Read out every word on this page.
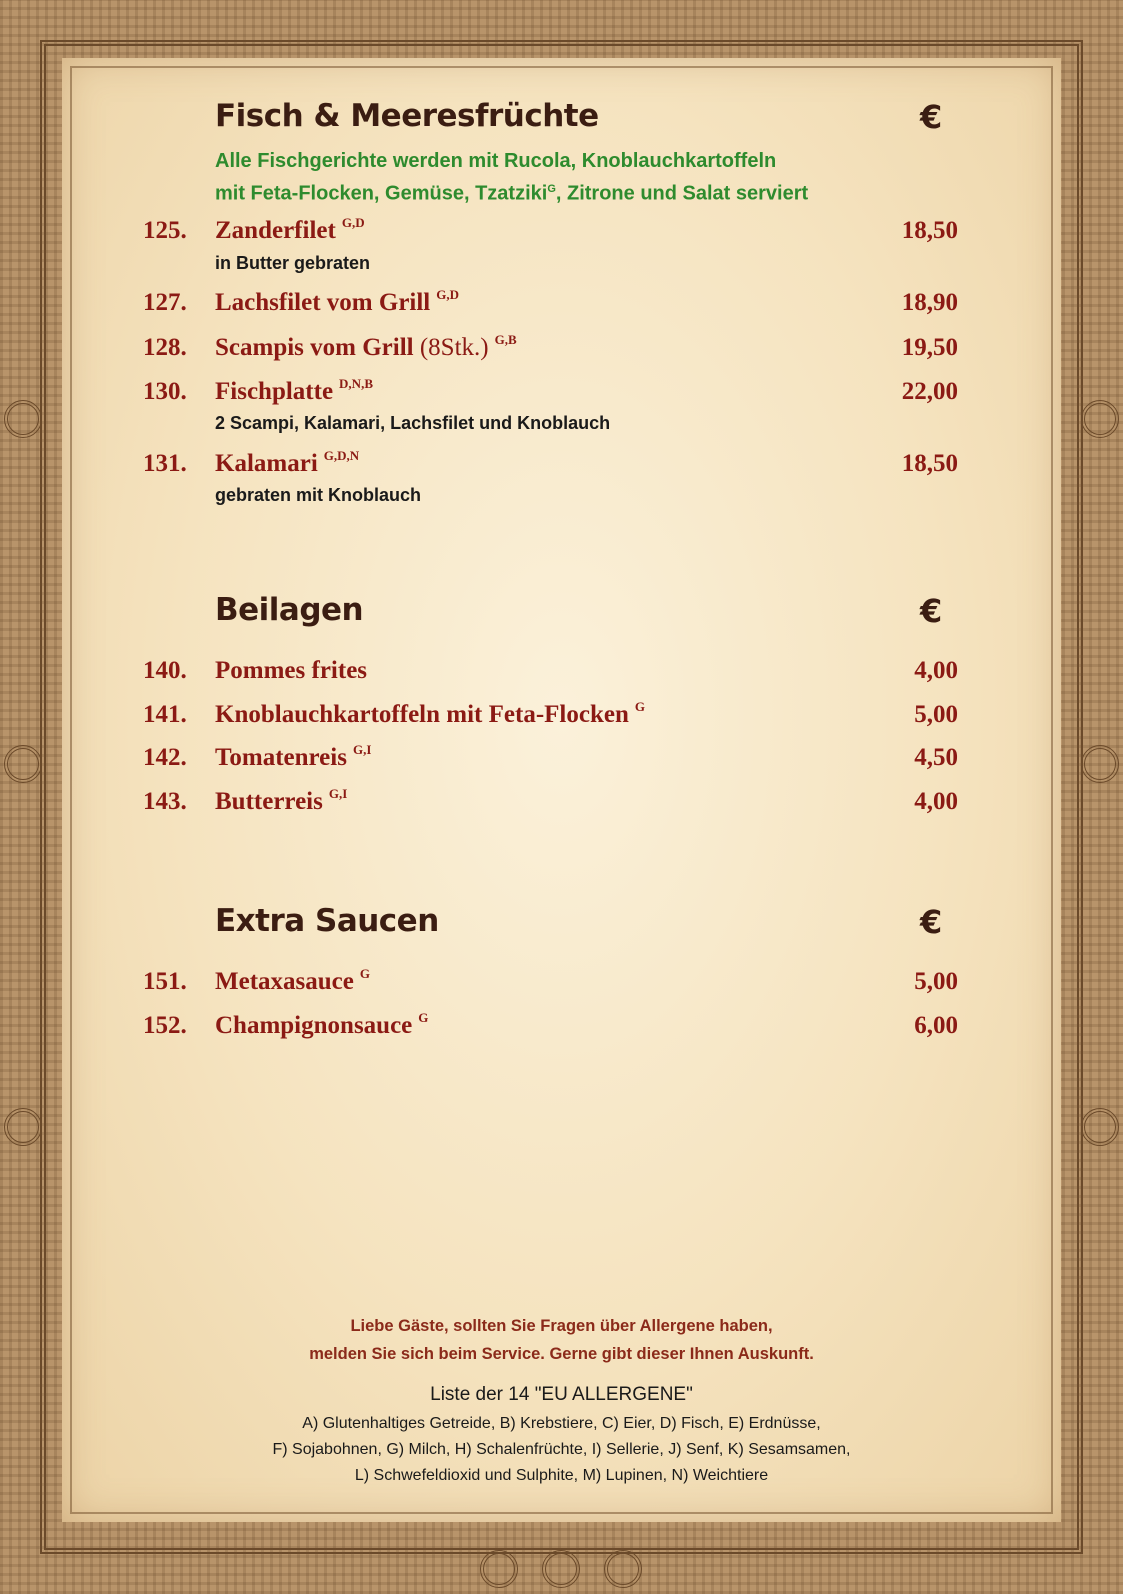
Fisch & Meeresfrüchte	€
Alle Fischgerichte werden mit Rucola, Knoblauchkartoffeln
mit Feta-Flocken, Gemüse, Tzatziki$^G$, Zitrone und Salat serviert
125.	Zanderfilet $^{G,D}$	18,50
in Butter gebraten
127.	Lachsfilet vom Grill $^{G,D}$	18,90
128.	Scampis vom Grill (8Stk.) $^{G,B}$	19,50
130.	Fischplatte $^{D,N,B}$	22,00
2 Scampi, Kalamari, Lachsfilet und Knoblauch
131.	Kalamari $^{G,D,N}$	18,50
gebraten mit Knoblauch
Beilagen	€
140.	Pommes frites	4,00
141.	Knoblauchkartoffeln mit Feta-Flocken $^G$	5,00
142.	Tomatenreis $^{G,I}$	4,50
143.	Butterreis $^{G,I}$	4,00
Extra Saucen	€
151.	Metaxasauce $^G$	5,00
152.	Champignonsauce $^G$	6,00
Liebe Gäste, sollten Sie Fragen über Allergene haben,
melden Sie sich beim Service. Gerne gibt dieser Ihnen Auskunft.
Liste der 14 "EU ALLERGENE"
A) Glutenhaltiges Getreide, B) Krebstiere, C) Eier, D) Fisch, E) Erdnüsse,
F) Sojabohnen, G) Milch, H) Schalenfrüchte, I) Sellerie, J) Senf, K) Sesamsamen,
L) Schwefeldioxid und Sulphite, M) Lupinen, N) Weichtiere
